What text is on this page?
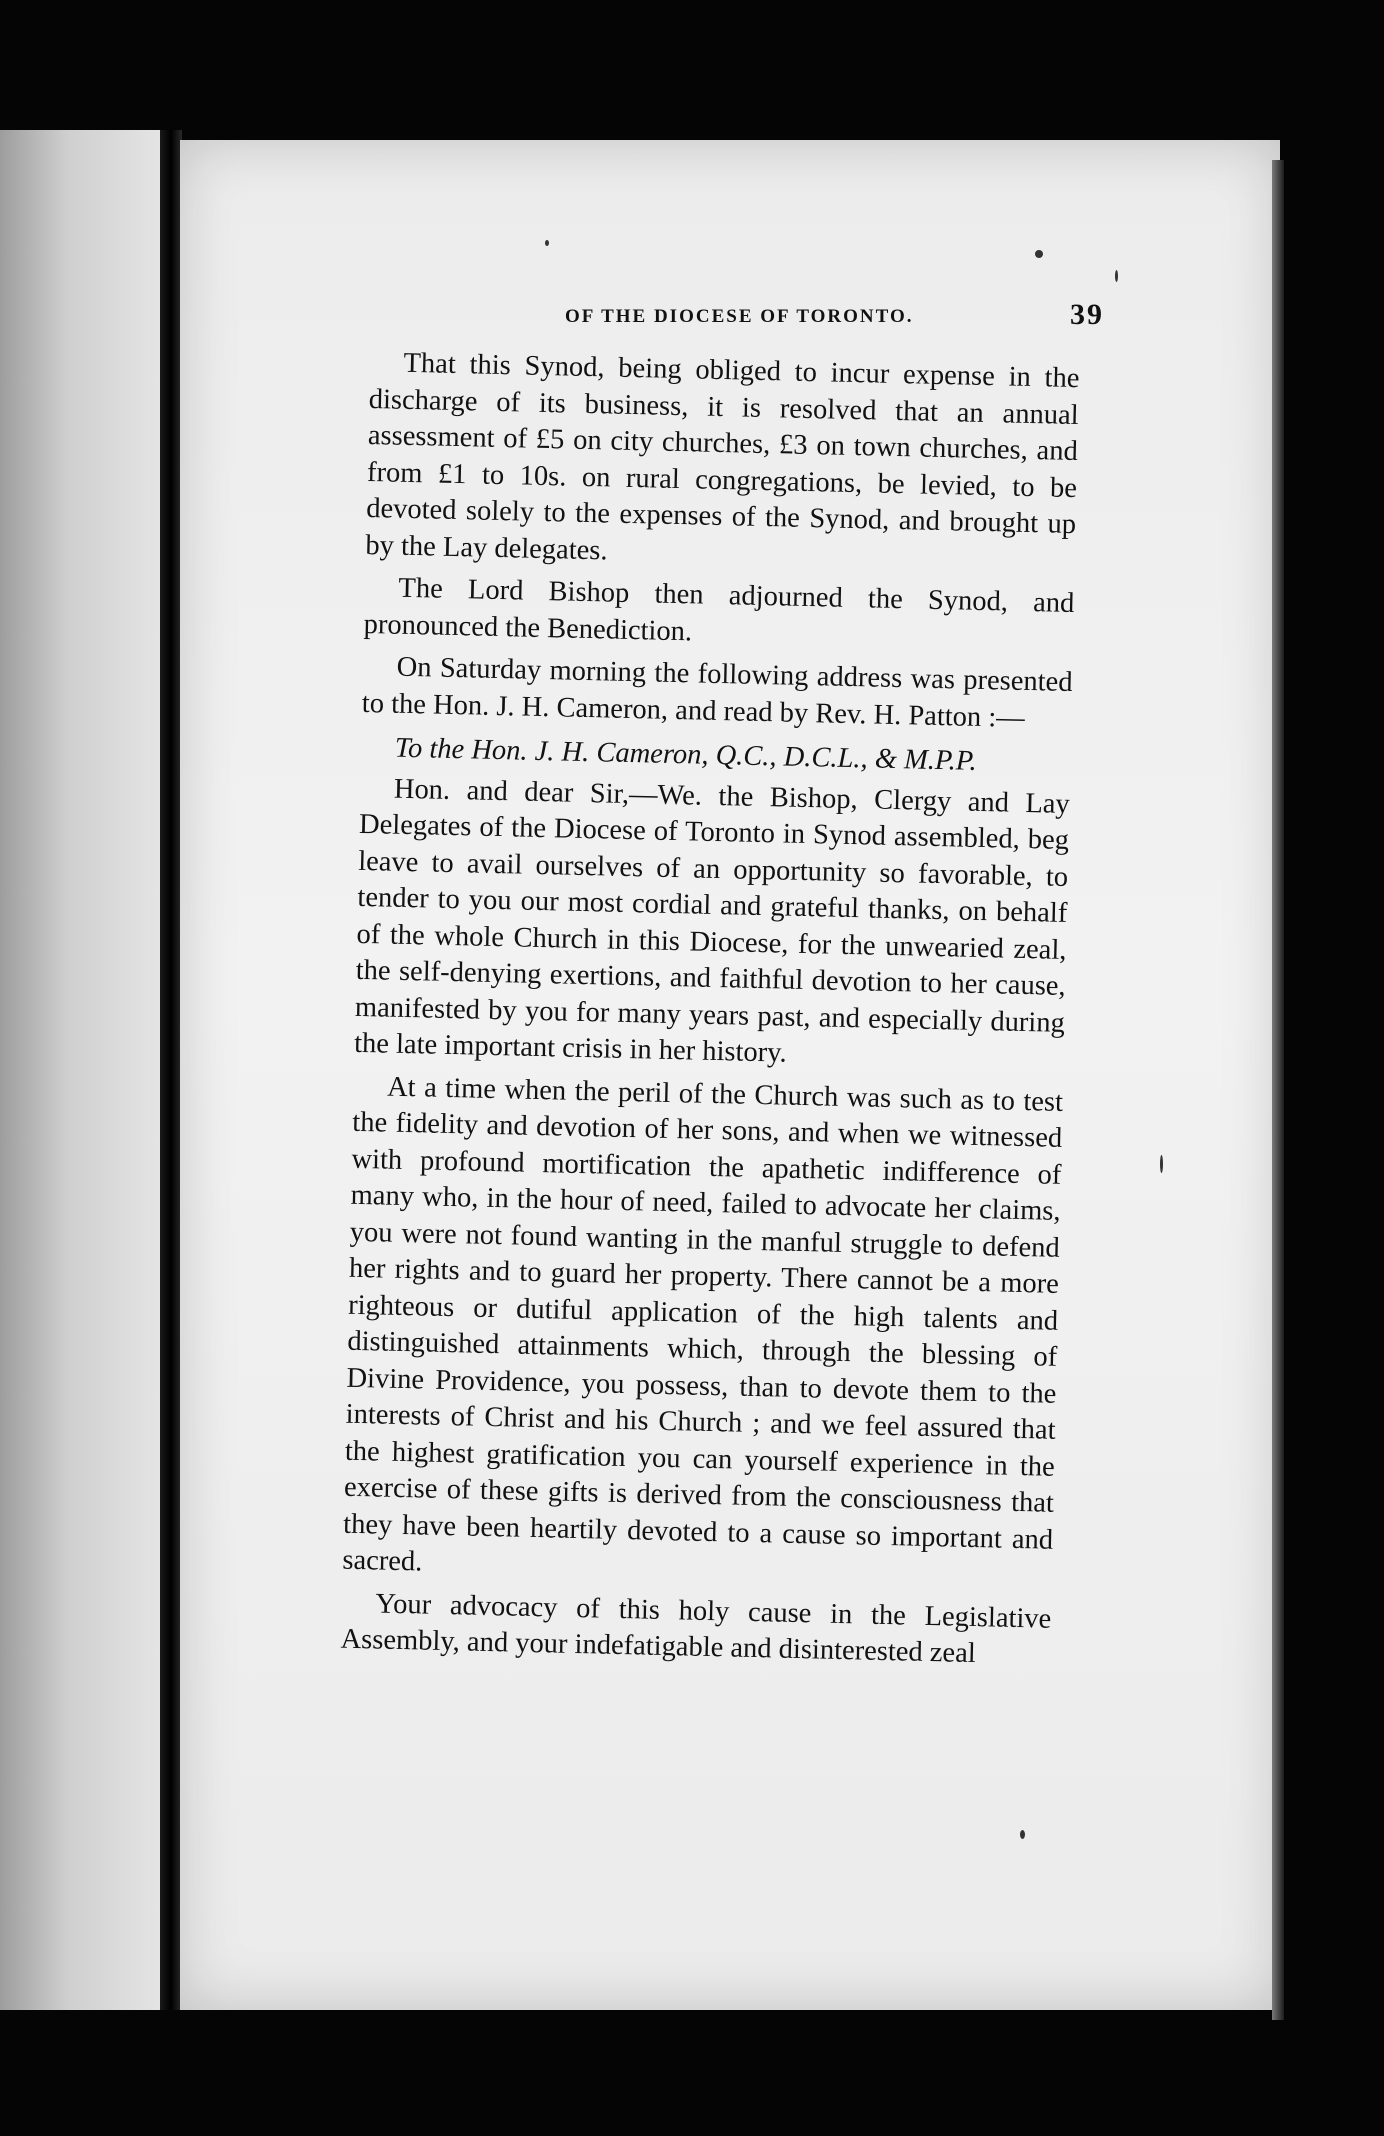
OF THE DIOCESE OF TORONTO.	39

That this Synod, being obliged to incur expense in the discharge of its business, it is resolved that an annual assessment of £5 on city churches, £3 on town churches, and from £1 to 10s. on rural congregations, be levied, to be devoted solely to the expenses of the Synod, and brought up by the Lay delegates.

The Lord Bishop then adjourned the Synod, and pronounced the Benediction.

On Saturday morning the following address was presented to the Hon. J. H. Cameron, and read by Rev. H. Patton :—

To the Hon. J. H. Cameron, Q.C., D.C.L., & M.P.P.

Hon. and dear Sir,—We. the Bishop, Clergy and Lay Delegates of the Diocese of Toronto in Synod assembled, beg leave to avail ourselves of an opportunity so favorable, to tender to you our most cordial and grateful thanks, on behalf of the whole Church in this Diocese, for the unwearied zeal, the self-denying exertions, and faithful devotion to her cause, manifested by you for many years past, and especially during the late important crisis in her history.

At a time when the peril of the Church was such as to test the fidelity and devotion of her sons, and when we witnessed with profound mortification the apathetic indifference of many who, in the hour of need, failed to advocate her claims, you were not found wanting in the manful struggle to defend her rights and to guard her property. There cannot be a more righteous or dutiful application of the high talents and distinguished attainments which, through the blessing of Divine Providence, you possess, than to devote them to the interests of Christ and his Church ; and we feel assured that the highest gratification you can yourself experience in the exercise of these gifts is derived from the consciousness that they have been heartily devoted to a cause so important and sacred.

Your advocacy of this holy cause in the Legislative Assembly, and your indefatigable and disinterested zeal
